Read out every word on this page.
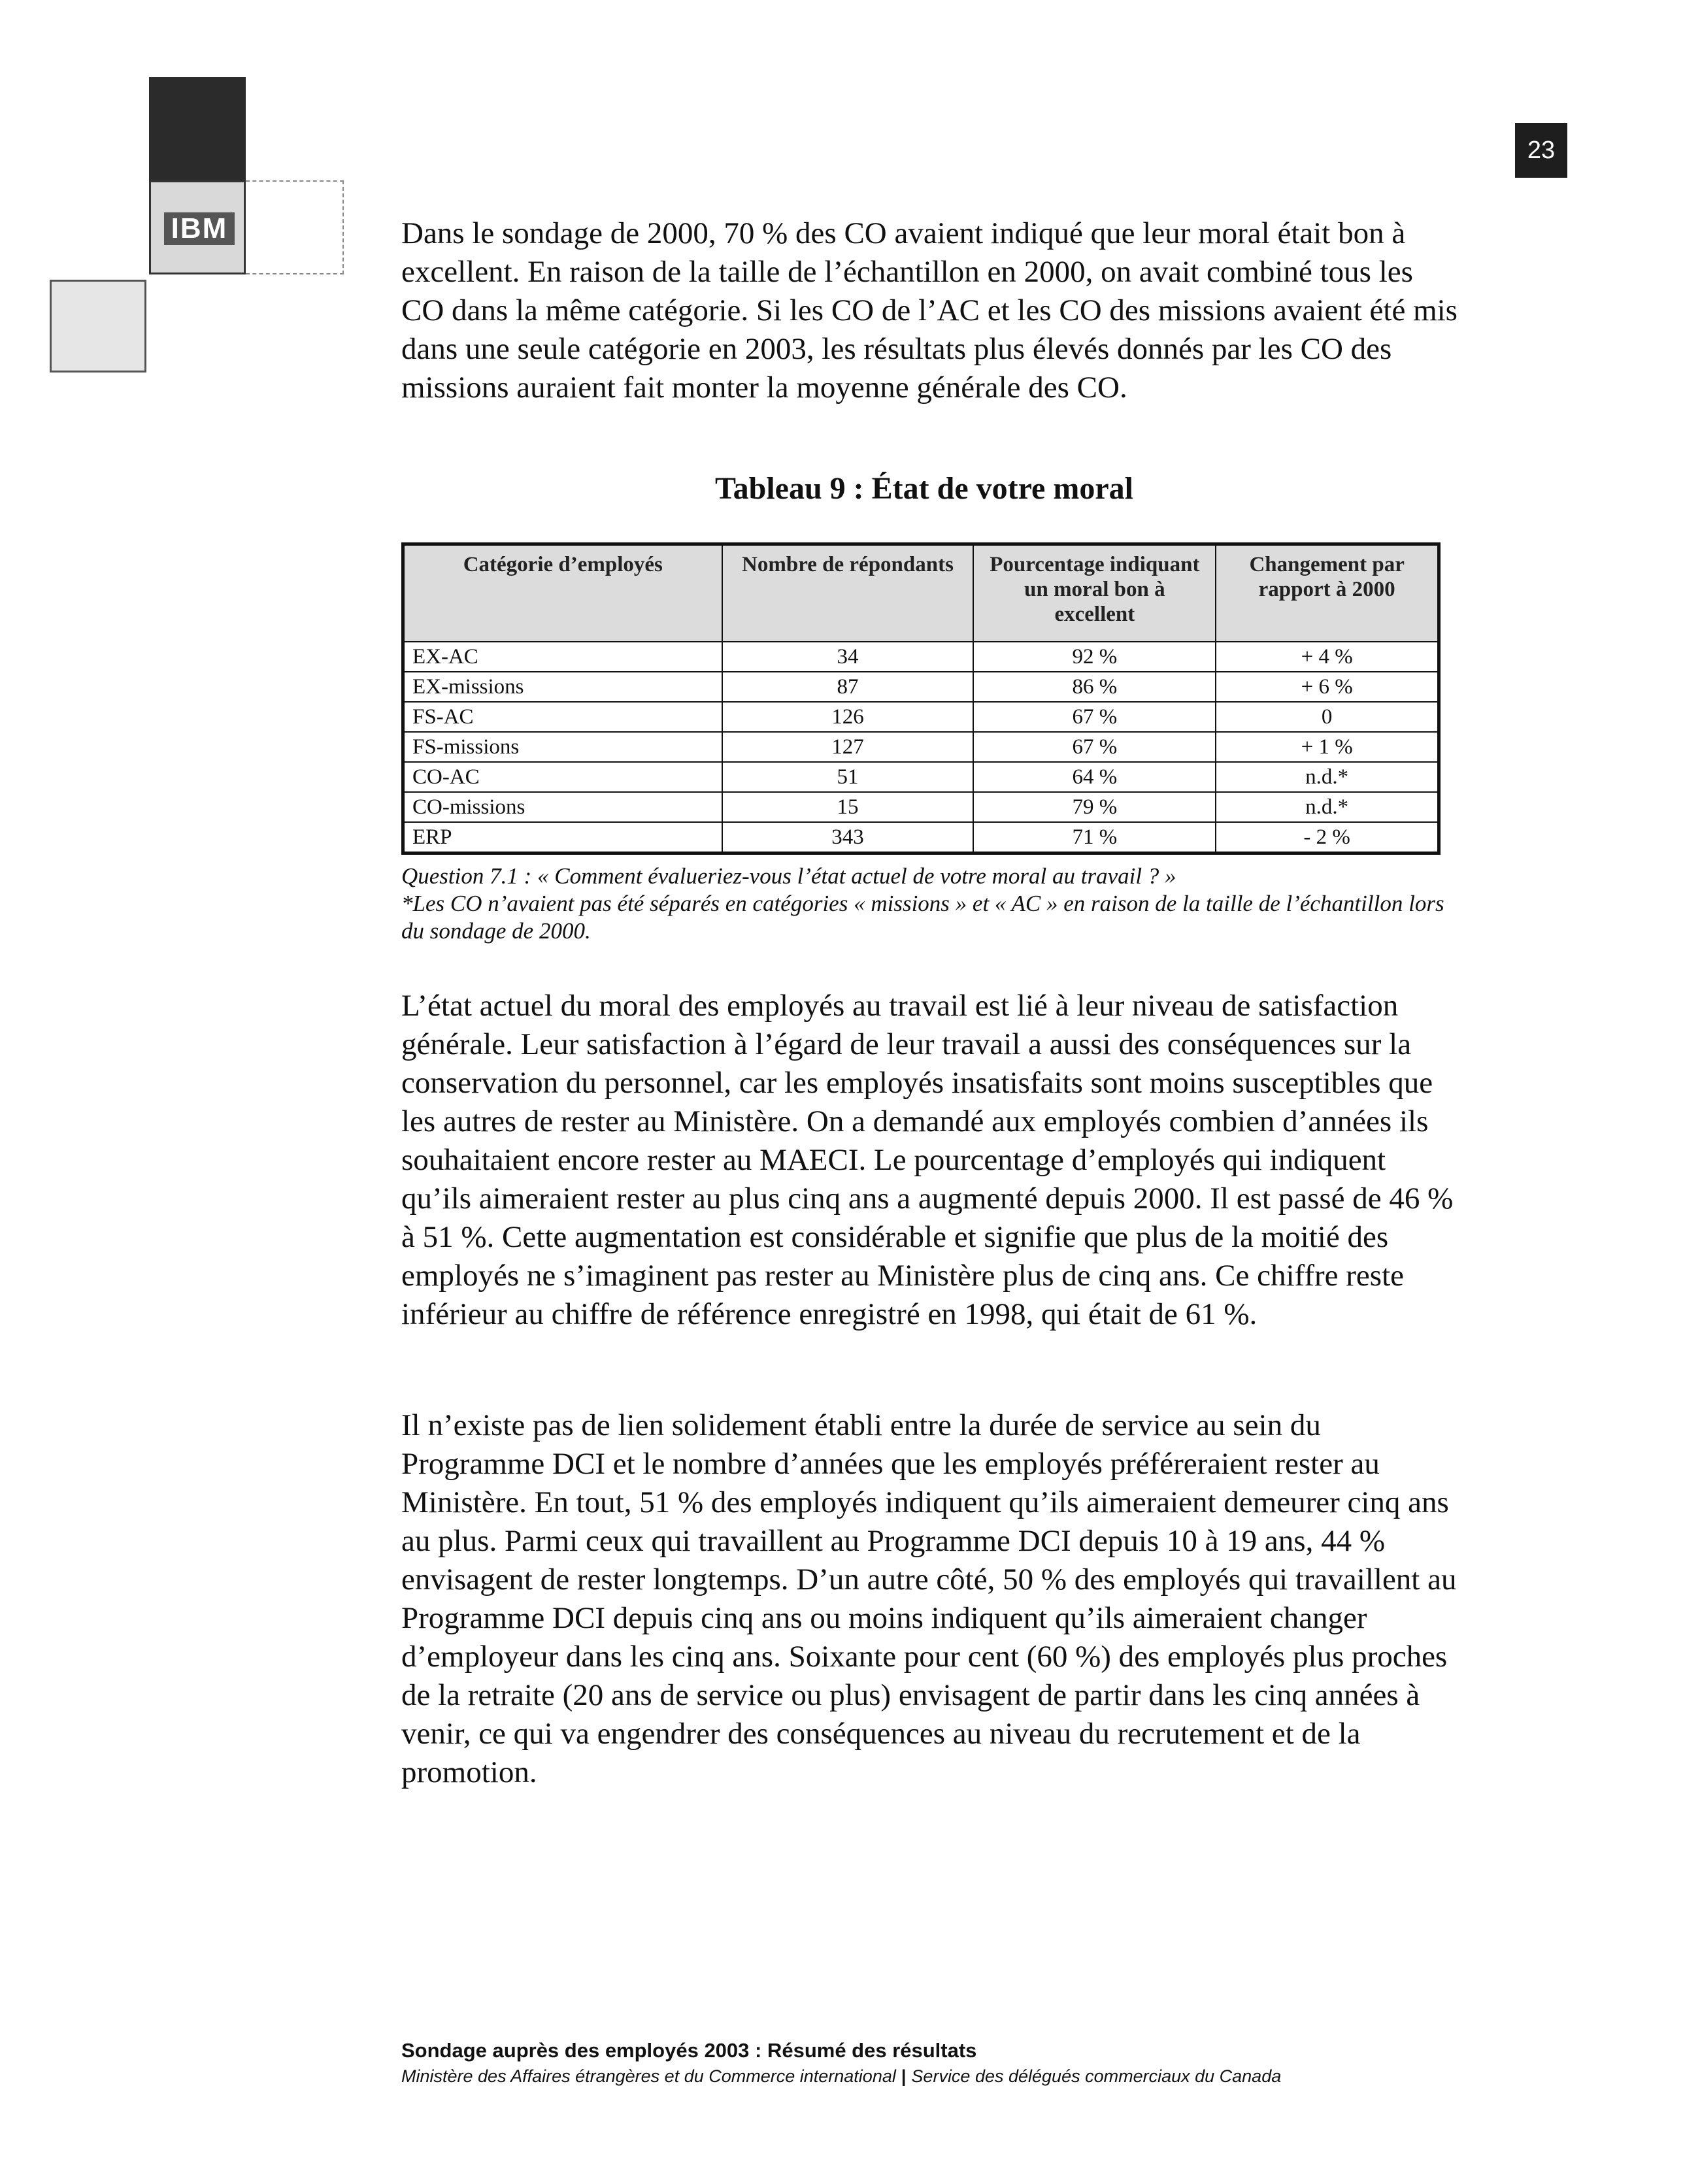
IBM
23

Dans le sondage de 2000, 70 % des CO avaient indiqué que leur moral était bon à excellent. En raison de la taille de l’échantillon en 2000, on avait combiné tous les CO dans la même catégorie. Si les CO de l’AC et les CO des missions avaient été mis dans une seule catégorie en 2003, les résultats plus élevés donnés par les CO des missions auraient fait monter la moyenne générale des CO.

Tableau 9 : État de votre moral
Catégorie d’employés	Nombre de répondants	Pourcentage indiquant un moral bon à excellent	Changement par rapport à 2000
EX-AC	34	92 %	+ 4 %
EX-missions	87	86 %	+ 6 %
FS-AC	126	67 %	0
FS-missions	127	67 %	+ 1 %
CO-AC	51	64 %	n.d.*
CO-missions	15	79 %	n.d.*
ERP	343	71 %	- 2 %

Question 7.1 : « Comment évalueriez-vous l’état actuel de votre moral au travail ? »

*Les CO n’avaient pas été séparés en catégories « missions » et « AC » en raison de la taille de l’échantillon lors du sondage de 2000.

L’état actuel du moral des employés au travail est lié à leur niveau de satisfaction générale. Leur satisfaction à l’égard de leur travail a aussi des conséquences sur la conservation du personnel, car les employés insatisfaits sont moins susceptibles que les autres de rester au Ministère. On a demandé aux employés combien d’années ils souhaitaient encore rester au MAECI. Le pourcentage d’employés qui indiquent qu’ils aimeraient rester au plus cinq ans a augmenté depuis 2000. Il est passé de 46 % à 51 %. Cette augmentation est considérable et signifie que plus de la moitié des employés ne s’imaginent pas rester au Ministère plus de cinq ans. Ce chiffre reste inférieur au chiffre de référence enregistré en 1998, qui était de 61 %.

Il n’existe pas de lien solidement établi entre la durée de service au sein du Programme DCI et le nombre d’années que les employés préféreraient rester au Ministère. En tout, 51 % des employés indiquent qu’ils aimeraient demeurer cinq ans au plus. Parmi ceux qui travaillent au Programme DCI depuis 10 à 19 ans, 44 % envisagent de rester longtemps. D’un autre côté, 50 % des employés qui travaillent au Programme DCI depuis cinq ans ou moins indiquent qu’ils aimeraient changer d’employeur dans les cinq ans. Soixante pour cent (60 %) des employés plus proches de la retraite (20 ans de service ou plus) envisagent de partir dans les cinq années à venir, ce qui va engendrer des conséquences au niveau du recrutement et de la promotion.

Sondage auprès des employés 2003 : Résumé des résultats

Ministère des Affaires étrangères et du Commerce international | Service des délégués commerciaux du Canada
